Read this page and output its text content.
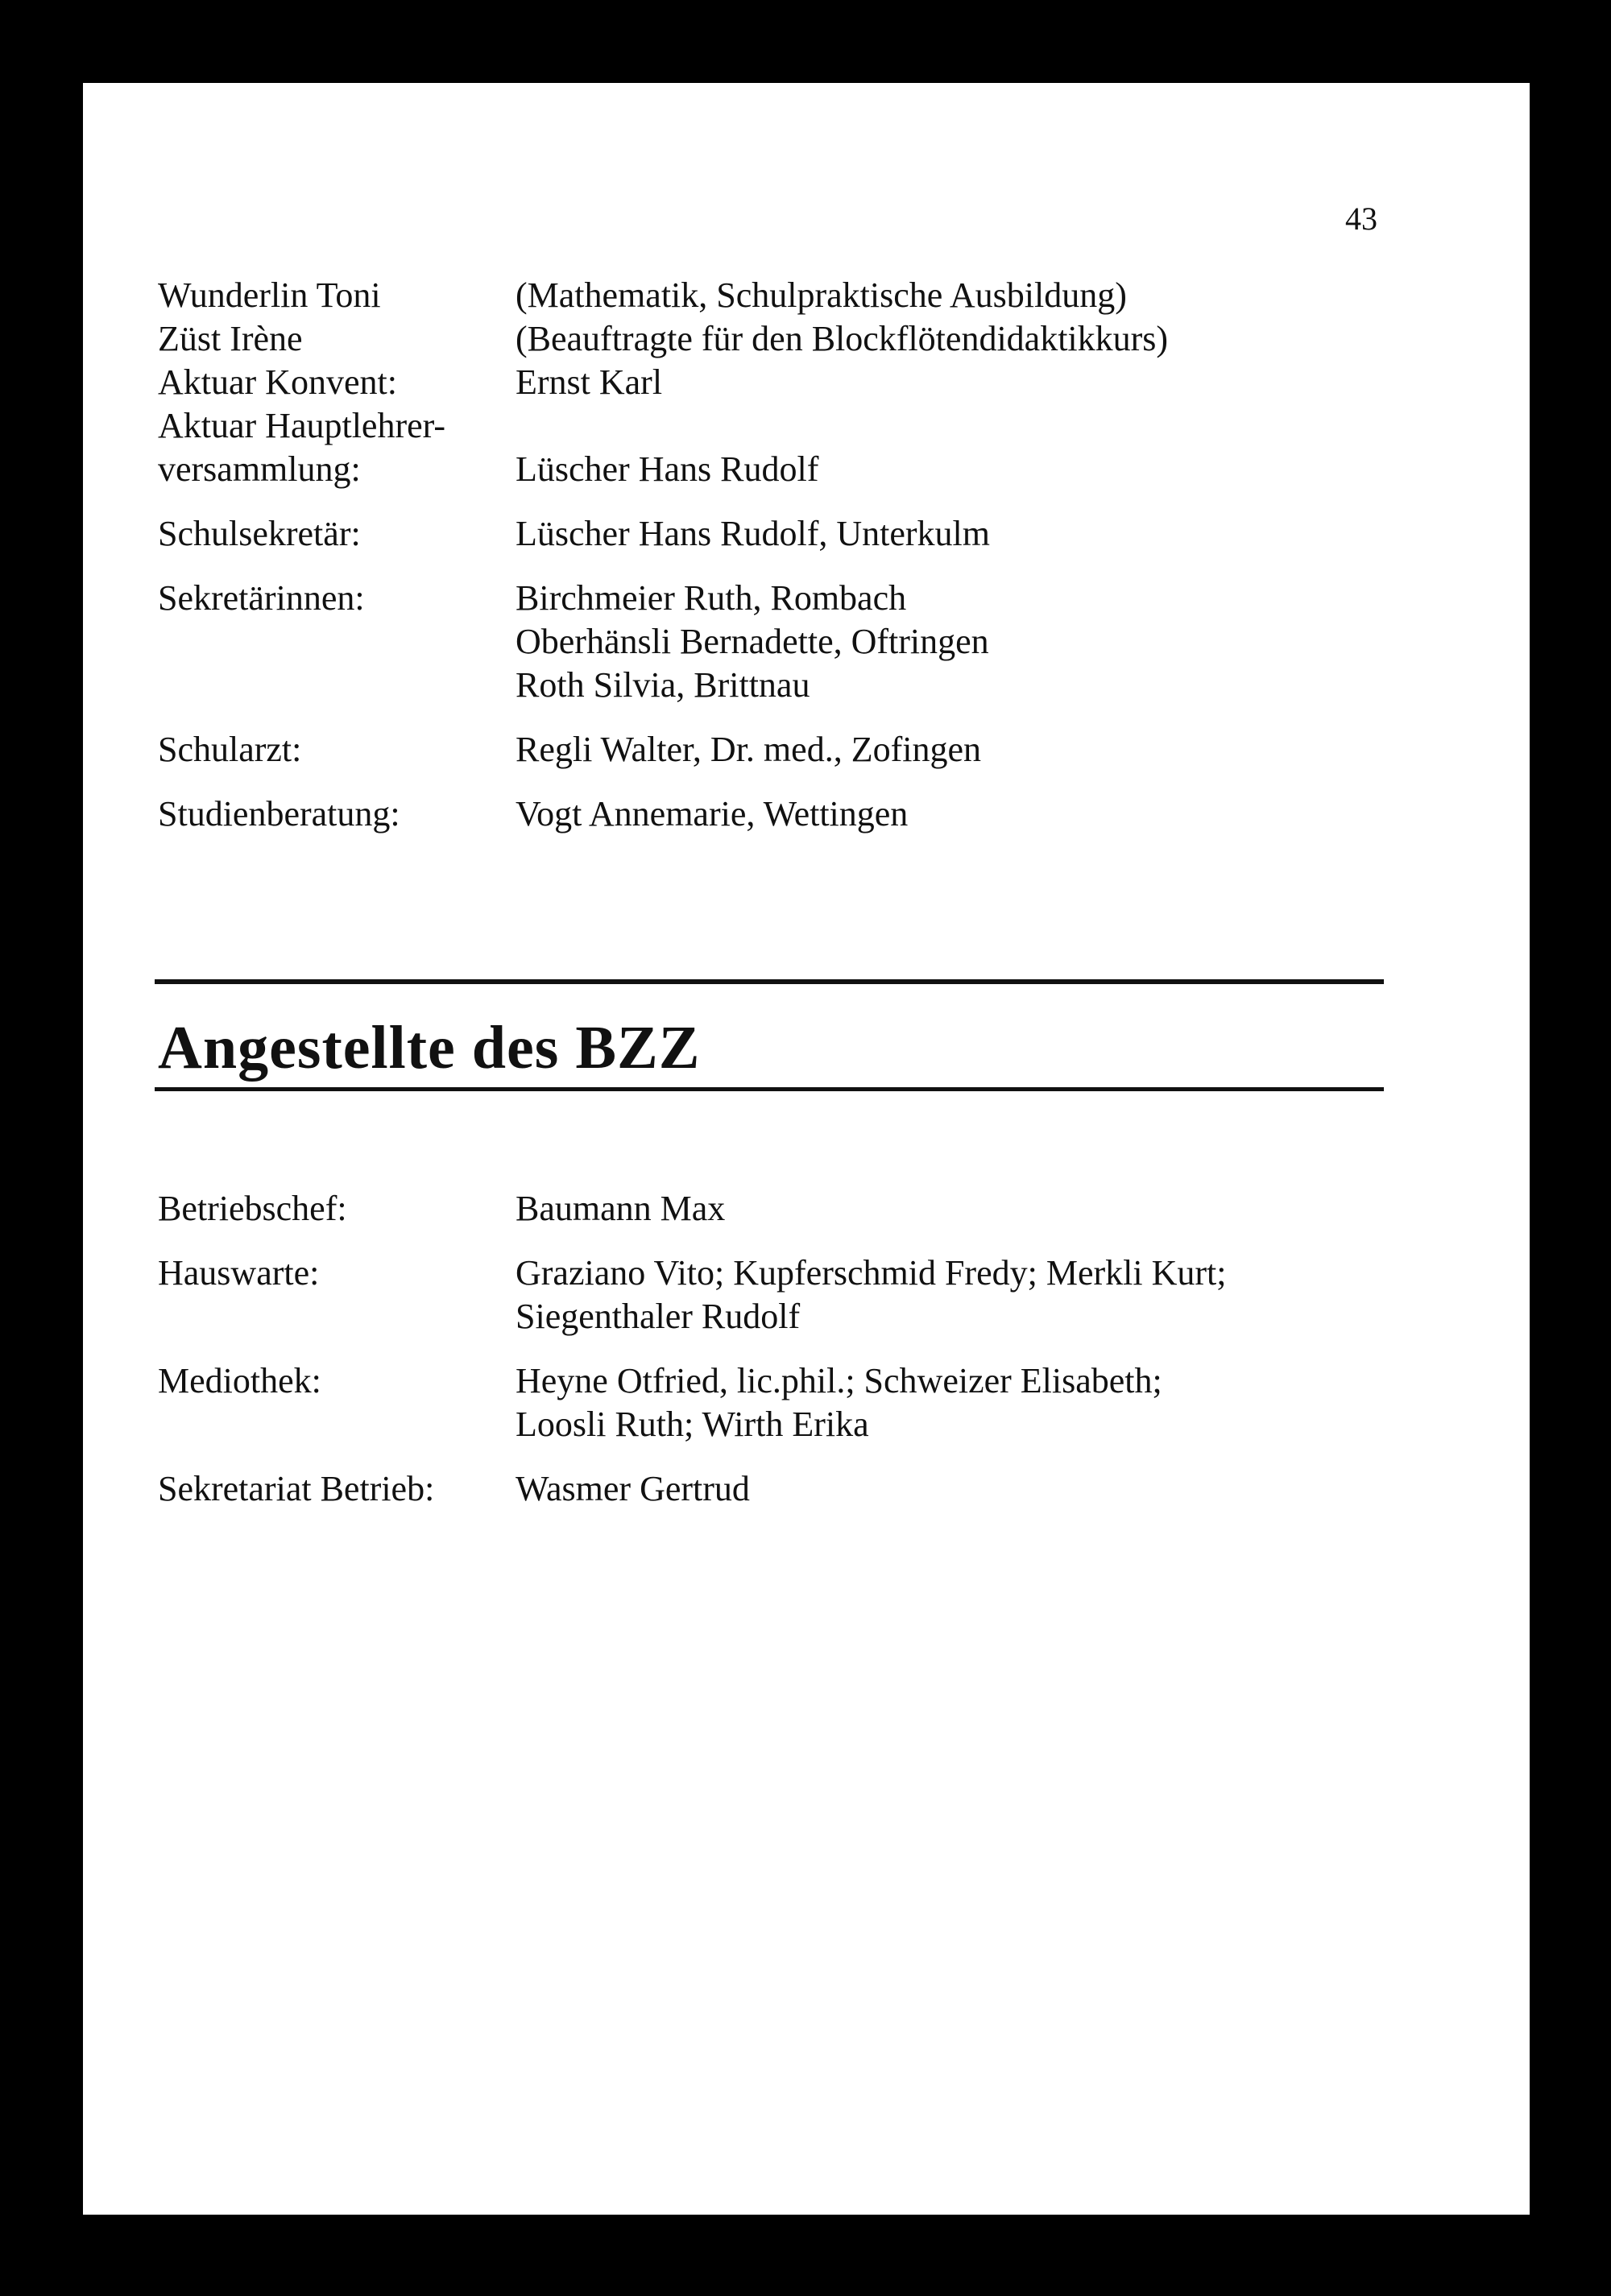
43
Wunderlin Toni	(Mathematik, Schulpraktische Ausbildung)
Züst Irène	(Beauftragte für den Blockflötendidaktikkurs)
Aktuar Konvent:	Ernst Karl
Aktuar Hauptlehrer-
versammlung:	Lüscher Hans Rudolf
Schulsekretär:	Lüscher Hans Rudolf, Unterkulm
Sekretärinnen:	Birchmeier Ruth, Rombach
Oberhänsli Bernadette, Oftringen
Roth Silvia, Brittnau
Schularzt:	Regli Walter, Dr. med., Zofingen
Studienberatung:	Vogt Annemarie, Wettingen
Angestellte des BZZ
Betriebschef:	Baumann Max
Hauswarte:	Graziano Vito; Kupferschmid Fredy; Merkli Kurt;
Siegenthaler Rudolf
Mediothek:	Heyne Otfried, lic.phil.; Schweizer Elisabeth;
Loosli Ruth; Wirth Erika
Sekretariat Betrieb: Wasmer Gertrud
